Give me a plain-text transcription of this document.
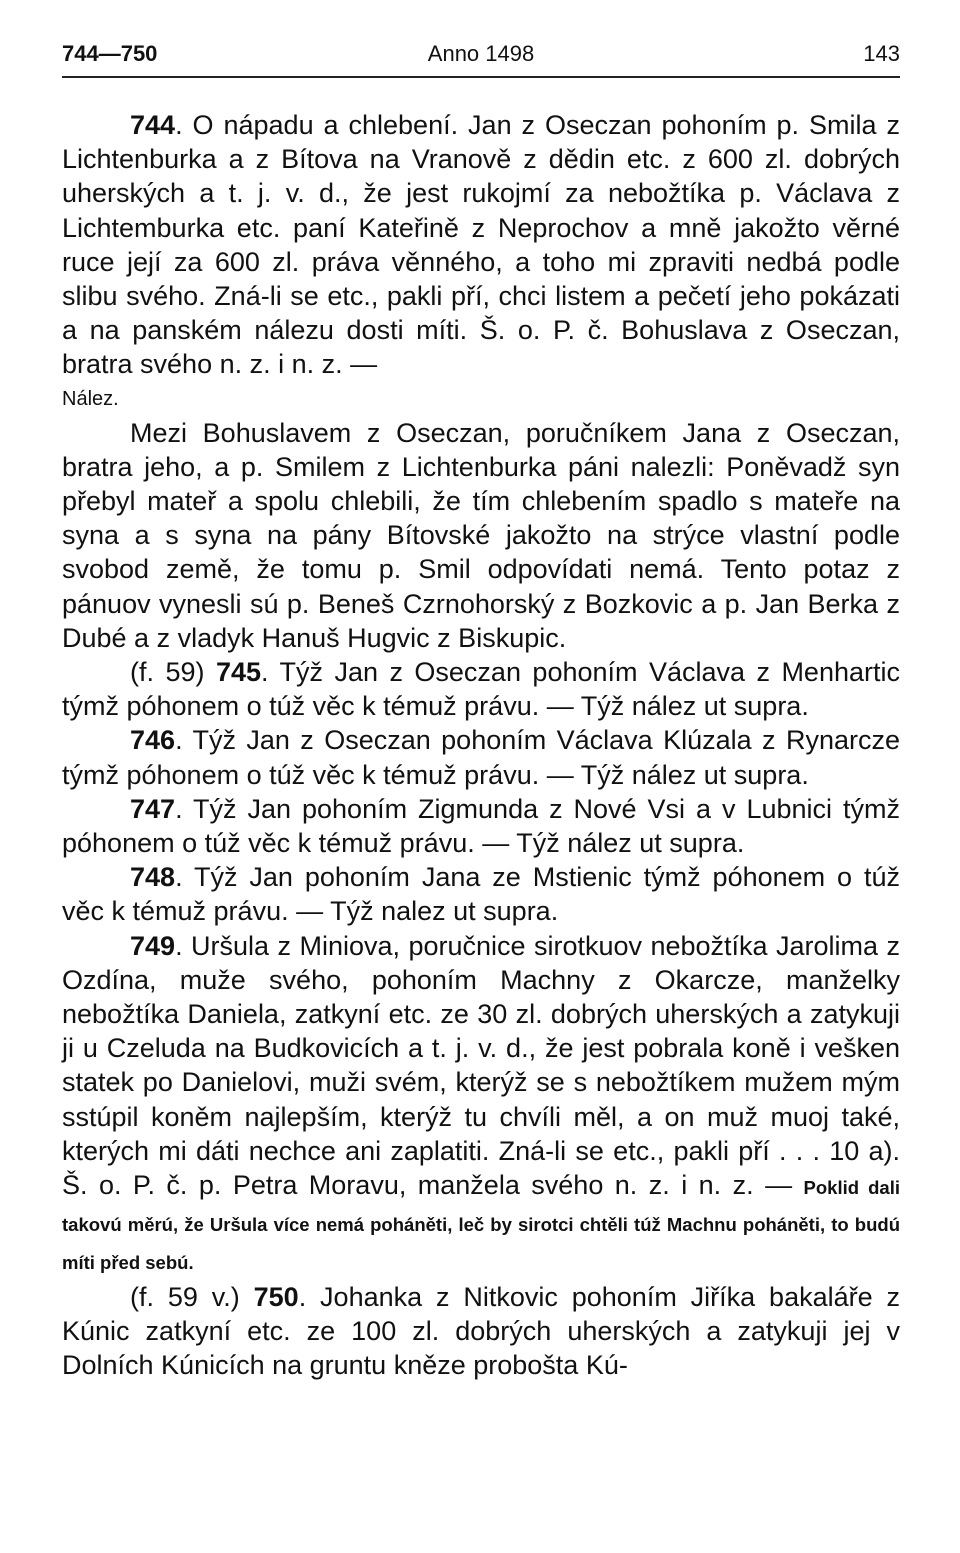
744—750	Anno 1498	143

744. O nápadu a chlebení. Jan z Oseczan pohoním p. Smila z Lichtenburka a z Bítova na Vranově z dědin etc. z 600 zl. dobrých uherských a t. j. v. d., že jest rukojmí za nebožtíka p. Václava z Lichtemburka etc. paní Kateřině z Neprochov a mně jakožto věrné ruce její za 600 zl. práva věnného, a toho mi zpraviti nedbá podle slibu svého. Zná-li se etc., pakli pří, chci listem a pečetí jeho pokázati a na panském nálezu dosti míti. Š. o. P. č. Bohuslava z Oseczan, bratra svého n. z. i n. z. —

Nález.

Mezi Bohuslavem z Oseczan, poručníkem Jana z Oseczan, bratra jeho, a p. Smilem z Lichtenburka páni nalezli: Poněvadž syn přebyl mateř a spolu chlebili, že tím chlebením spadlo s mateře na syna a s syna na pány Bítovské jakožto na strýce vlastní podle svobod země, že tomu p. Smil odpovídati nemá. Tento potaz z pánuov vynesli sú p. Beneš Czrnohorský z Bozkovic a p. Jan Berka z Dubé a z vladyk Hanuš Hugvic z Biskupic.

(f. 59) 745. Týž Jan z Oseczan pohoním Václava z Menhartic týmž póhonem o túž věc k témuž právu. — Týž nález ut supra.

746. Týž Jan z Oseczan pohoním Václava Klúzala z Rynarcze týmž póhonem o túž věc k témuž právu. — Týž nález ut supra.

747. Týž Jan pohoním Zigmunda z Nové Vsi a v Lubnici týmž póhonem o túž věc k témuž právu. — Týž nález ut supra.

748. Týž Jan pohoním Jana ze Mstienic týmž póhonem o túž věc k témuž právu. — Týž nalez ut supra.

749. Uršula z Miniova, poručnice sirotkuov nebožtíka Jarolima z Ozdína, muže svého, pohoním Machny z Okarcze, manželky nebožtíka Daniela, zatkyní etc. ze 30 zl. dobrých uherských a zatykuji ji u Czeluda na Budkovicích a t. j. v. d., že jest pobrala koně i vešken statek po Danielovi, muži svém, kterýž se s nebožtíkem mužem mým sstúpil koněm najlepším, kterýž tu chvíli měl, a on muž muoj také, kterých mi dáti nechce ani zaplatiti. Zná-li se etc., pakli pří . . . 10 a). Š. o. P. č. p. Petra Moravu, manžela svého n. z. i n. z. — Poklid dali takovú měrú, že Uršula více nemá poháněti, leč by sirotci chtěli túž Machnu poháněti, to budú míti před sebú.

(f. 59 v.) 750. Johanka z Nitkovic pohoním Jiříka bakaláře z Kúnic zatkyní etc. ze 100 zl. dobrých uherských a zatykuji jej v Dolních Kúnicích na gruntu kněze probošta Kú-
